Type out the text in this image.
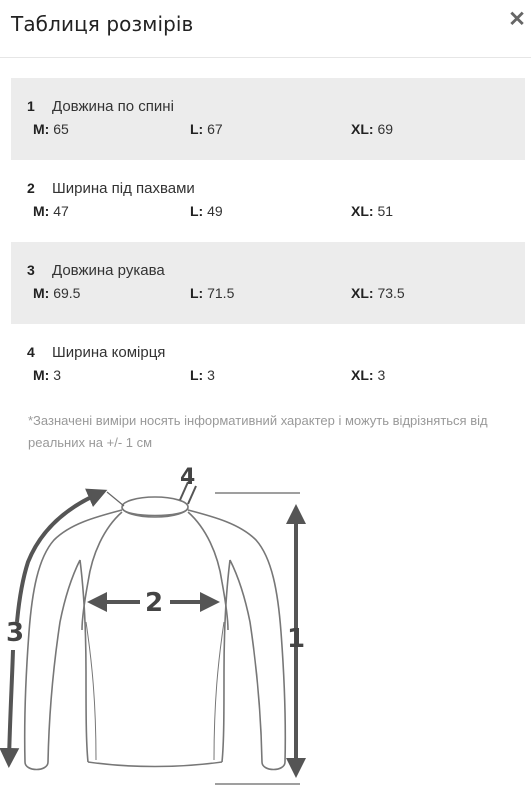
Таблиця розмірів	✕
1 Довжина по спині
M: 65	L: 67	XL: 69
2 Ширина під пахвами
M: 47	L: 49	XL: 51
3 Довжина рукава
M: 69.5	L: 71.5	XL: 73.5
4 Ширина комірця
M: 3	L: 3	XL: 3
*Зазначені виміри носять інформативний характер і можуть відрізняться від реальних на +/- 1 см
1
2
3
4
